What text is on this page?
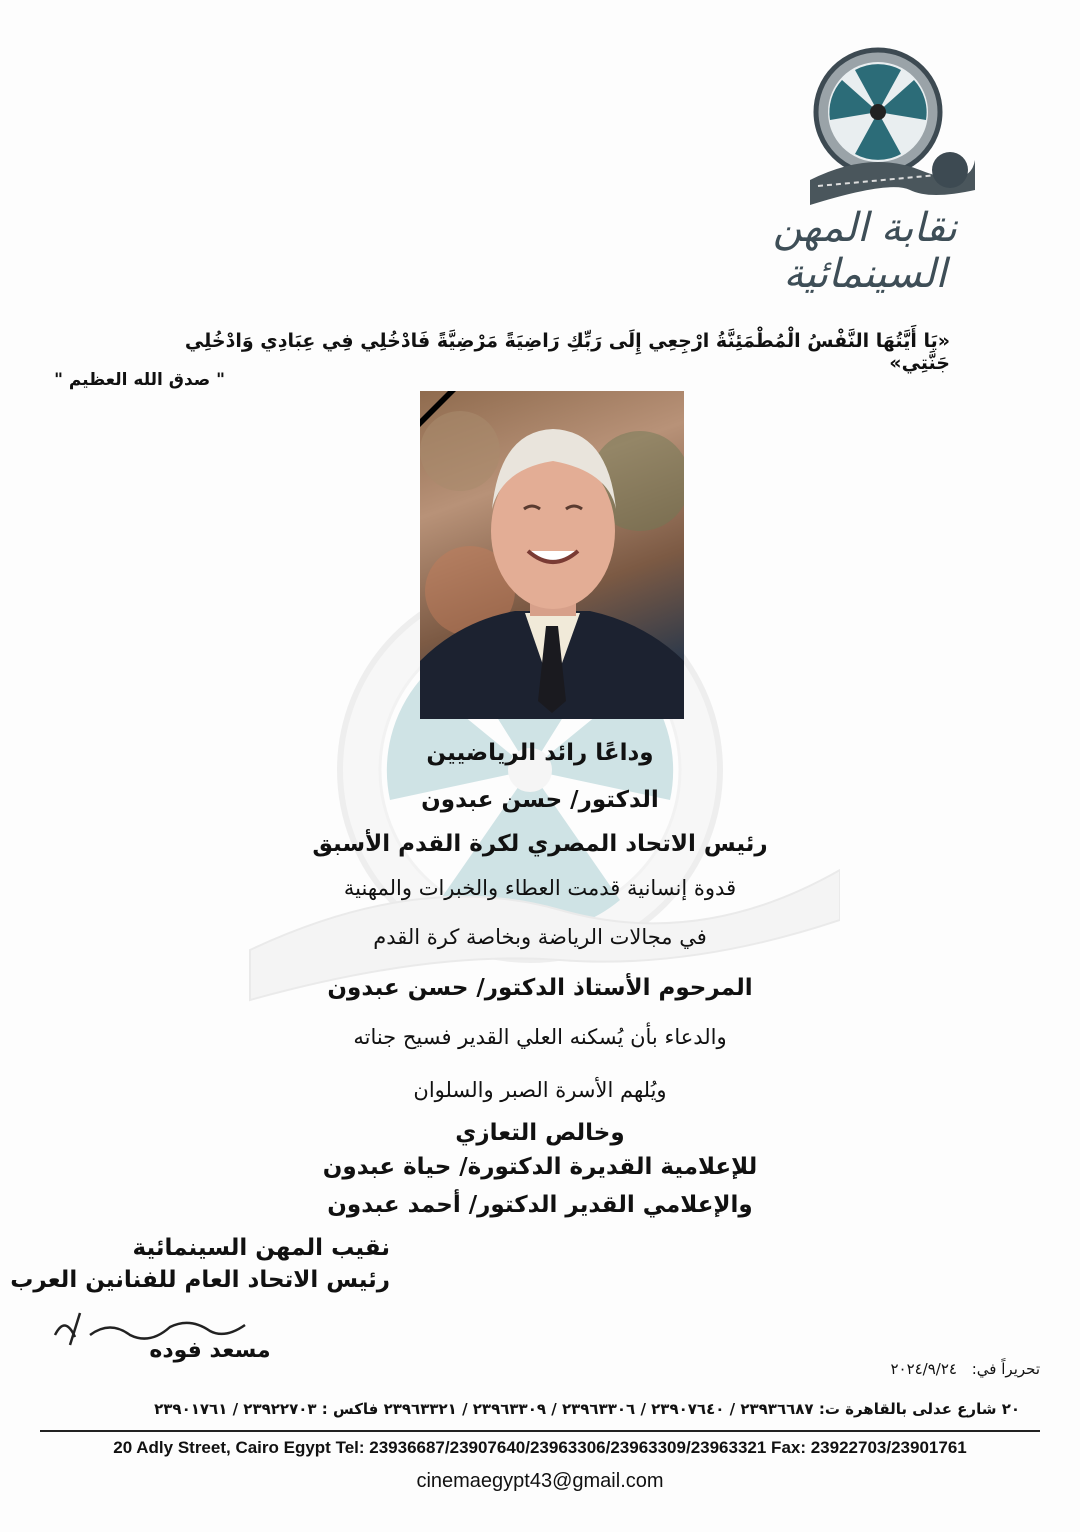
نقابة المهن السينمائية
«يَا أَيَّتُهَا النَّفْسُ الْمُطْمَئِنَّةُ ارْجِعِي إِلَى رَبِّكِ رَاضِيَةً مَرْضِيَّةً فَادْخُلِي فِي عِبَادِي وَادْخُلِي جَنَّتِي»
" صدق الله العظيم "
وداعًا رائد الرياضيين
الدكتور/ حسن عبدون
رئيس الاتحاد المصري لكرة القدم الأسبق
قدوة إنسانية قدمت العطاء والخبرات والمهنية
في مجالات الرياضة وبخاصة كرة القدم
المرحوم الأستاذ الدكتور/ حسن عبدون
والدعاء بأن يُسكنه العلي القدير فسيح جناته
ويُلهم الأسرة الصبر والسلوان
وخالص التعازي
للإعلامية القديرة الدكتورة/ حياة عبدون
والإعلامي القدير الدكتور/ أحمد عبدون
نقيب المهن السينمائية
رئيس الاتحاد العام للفنانين العرب
مسعد فوده
تحريراً في: ٢٠٢٤/٩/٢٤
٢٠ شارع عدلى بالقاهرة ت: ٢٣٩٣٦٦٨٧ / ٢٣٩٠٧٦٤٠ / ٢٣٩٦٣٣٠٦ / ٢٣٩٦٣٣٠٩ / ٢٣٩٦٣٣٢١ فاكس : ٢٣٩٢٢٧٠٣ / ٢٣٩٠١٧٦١
20 Adly Street, Cairo Egypt Tel: 23936687/23907640/23963306/23963309/23963321 Fax: 23922703/23901761
cinemaegypt43@gmail.com
